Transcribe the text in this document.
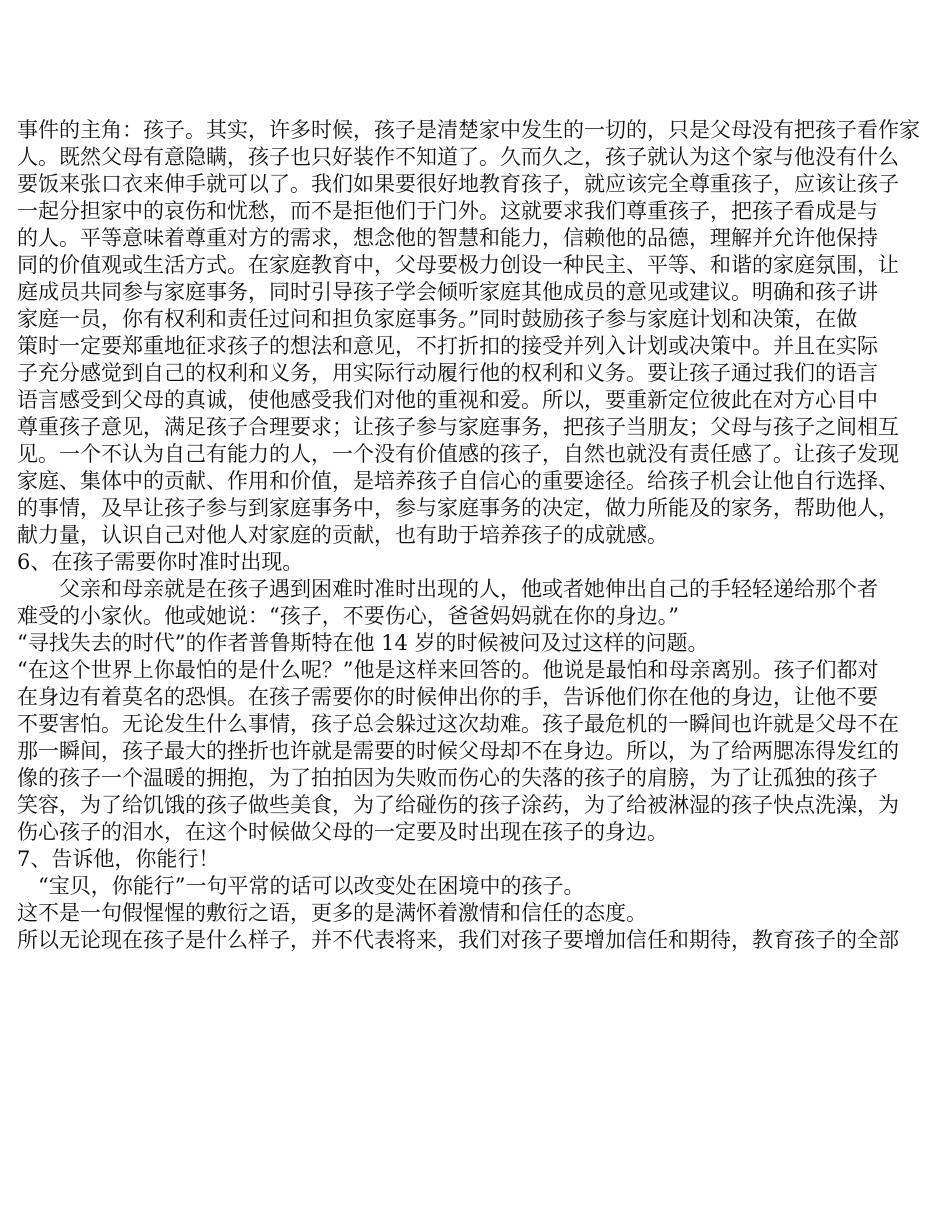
事件的主角：孩子。其实，许多时候，孩子是清楚家中发生的一切的，只是父母没有把孩子看作家
人。既然父母有意隐瞒，孩子也只好装作不知道了。久而久之，孩子就认为这个家与他没有什么
要饭来张口衣来伸手就可以了。我们如果要很好地教育孩子，就应该完全尊重孩子，应该让孩子
一起分担家中的哀伤和忧愁，而不是拒他们于门外。这就要求我们尊重孩子，把孩子看成是与
的人。平等意味着尊重对方的需求，想念他的智慧和能力，信赖他的品德，理解并允许他保持
同的价值观或生活方式。在家庭教育中，父母要极力创设一种民主、平等、和谐的家庭氛围，让
庭成员共同参与家庭事务，同时引导孩子学会倾听家庭其他成员的意见或建议。明确和孩子讲
家庭一员，你有权利和责任过问和担负家庭事务。”同时鼓励孩子参与家庭计划和决策，在做
策时一定要郑重地征求孩子的想法和意见，不打折扣的接受并列入计划或决策中。并且在实际
子充分感觉到自己的权利和义务，用实际行动履行他的权利和义务。要让孩子通过我们的语言
语言感受到父母的真诚，使他感受我们对他的重视和爱。所以，要重新定位彼此在对方心目中
尊重孩子意见，满足孩子合理要求；让孩子参与家庭事务，把孩子当朋友；父母与孩子之间相互
见。一个不认为自己有能力的人，一个没有价值感的孩子，自然也就没有责任感了。让孩子发现
家庭、集体中的贡献、作用和价值，是培养孩子自信心的重要途径。给孩子机会让他自行选择、
的事情，及早让孩子参与到家庭事务中，参与家庭事务的决定，做力所能及的家务，帮助他人，
献力量，认识自己对他人对家庭的贡献，也有助于培养孩子的成就感。
6、在孩子需要你时准时出现。
　　父亲和母亲就是在孩子遇到困难时准时出现的人，他或者她伸出自己的手轻轻递给那个者
难受的小家伙。他或她说：“孩子，不要伤心，爸爸妈妈就在你的身边。”
“寻找失去的时代”的作者普鲁斯特在他 14 岁的时候被问及过这样的问题。
“在这个世界上你最怕的是什么呢？”他是这样来回答的。他说是最怕和母亲离别。孩子们都对
在身边有着莫名的恐惧。在孩子需要你的时候伸出你的手，告诉他们你在他的身边，让他不要
不要害怕。无论发生什么事情，孩子总会躲过这次劫难。孩子最危机的一瞬间也许就是父母不在
那一瞬间，孩子最大的挫折也许就是需要的时候父母却不在身边。所以，为了给两腮冻得发红的
像的孩子一个温暖的拥抱，为了拍拍因为失败而伤心的失落的孩子的肩膀，为了让孤独的孩子
笑容，为了给饥饿的孩子做些美食，为了给碰伤的孩子涂药，为了给被淋湿的孩子快点洗澡，为
伤心孩子的泪水，在这个时候做父母的一定要及时出现在孩子的身边。
7、告诉他，你能行！
　“宝贝，你能行”一句平常的话可以改变处在困境中的孩子。
这不是一句假惺惺的敷衍之语，更多的是满怀着激情和信任的态度。
所以无论现在孩子是什么样子，并不代表将来，我们对孩子要增加信任和期待，教育孩子的全部
